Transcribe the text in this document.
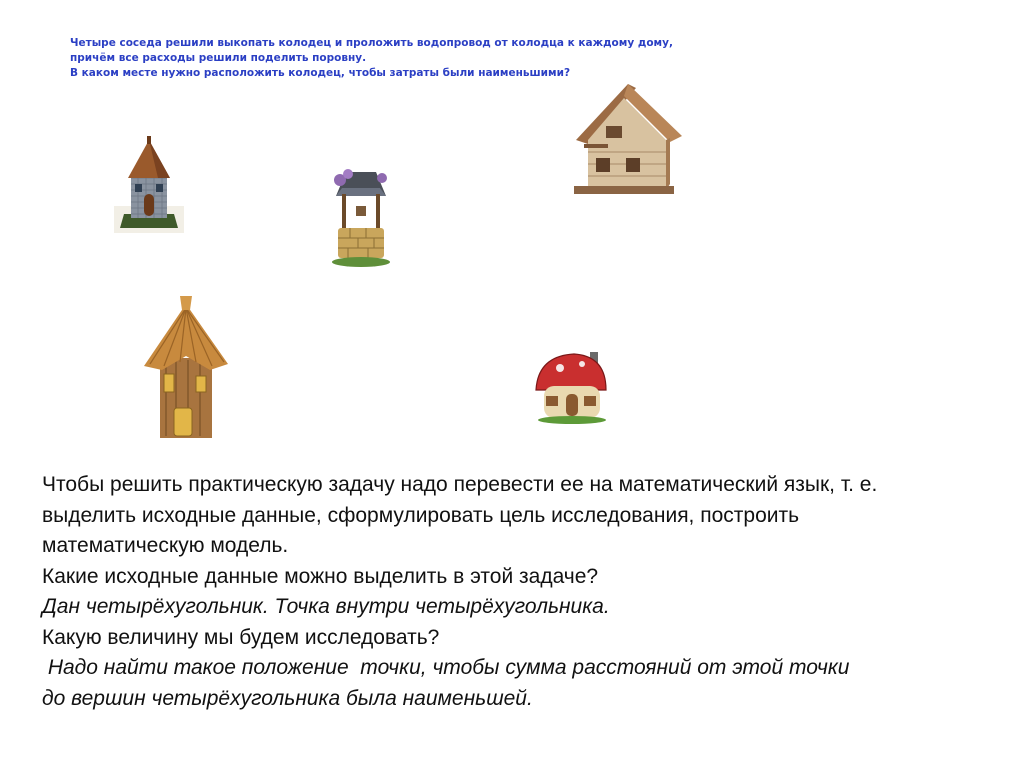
Четыре соседа решили выкопать колодец и проложить водопровод от колодца к каждому дому,
причём все расходы решили поделить поровну.
В каком месте нужно расположить колодец, чтобы затраты были наименьшими?

Чтобы решить практическую задачу надо перевести ее на математический язык, т. е.

выделить исходные данные, сформулировать цель исследования, построить

математическую модель.

Какие исходные данные можно выделить в этой задаче?

Дан четырёхугольник. Точка внутри четырёхугольника.

Какую величину мы будем исследовать?

Надо найти такое положение  точки, чтобы сумма расстояний от этой точки

до вершин четырёхугольника была наименьшей.
